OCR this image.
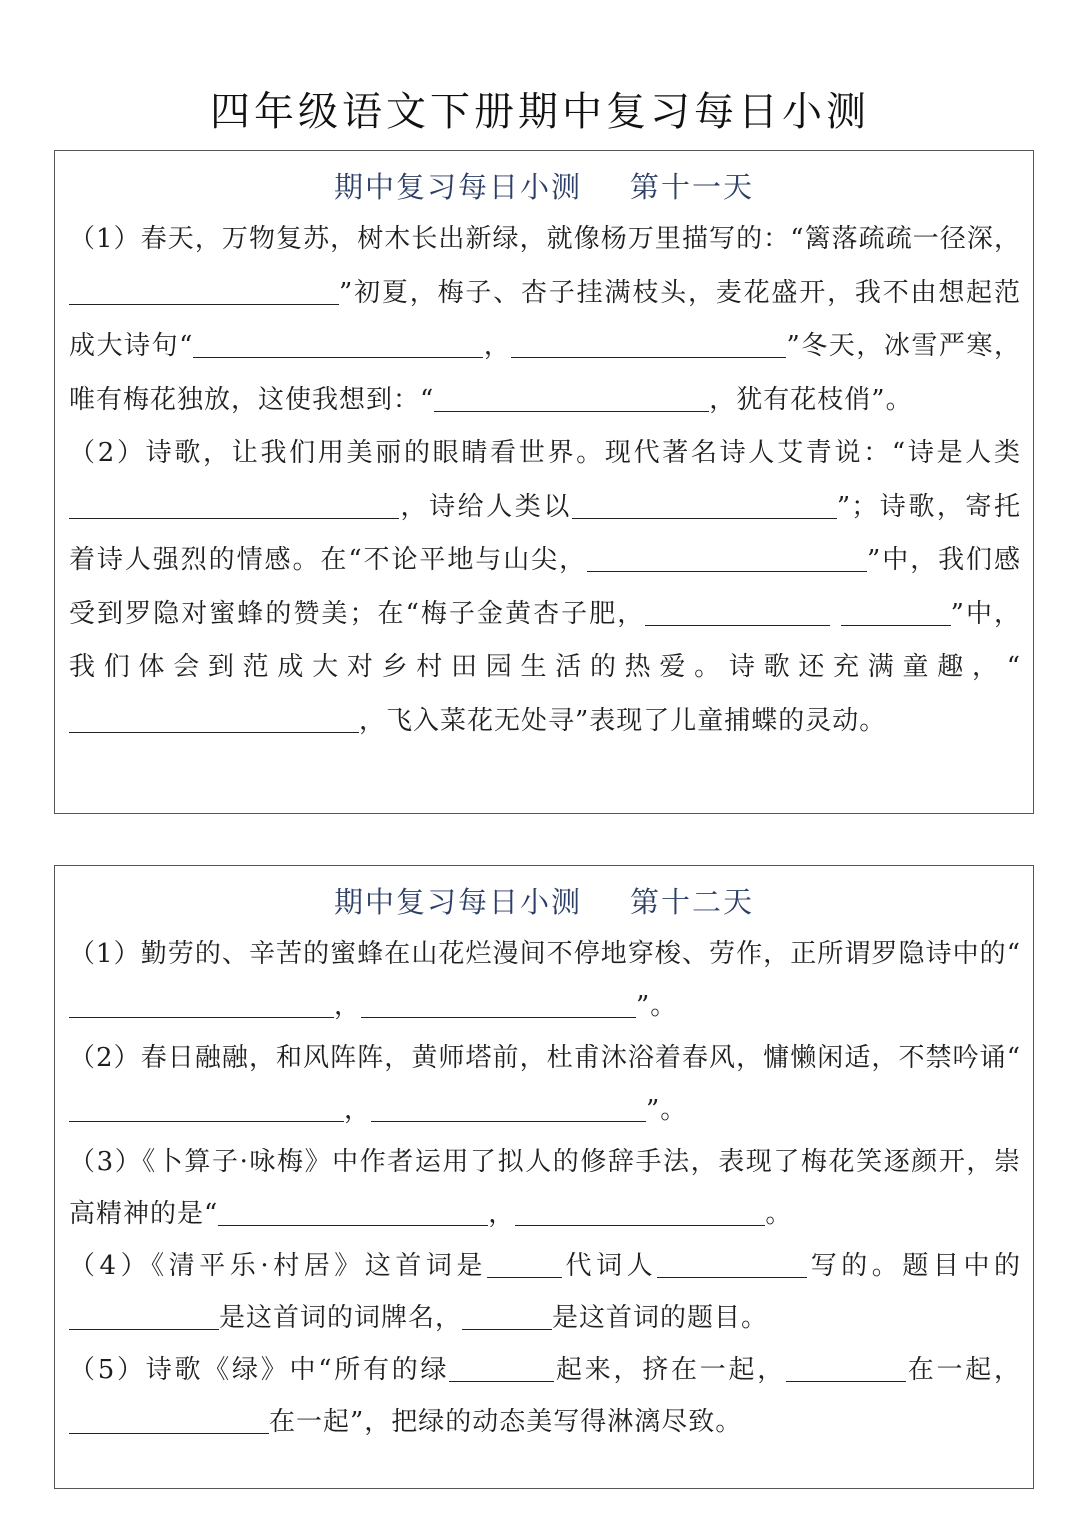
四年级语文下册期中复习每日小测
期中复习每日小测 第十一天
（1）春天，万物复苏，树木长出新绿，就像杨万里描写的：“篱落疏疏一径深， ”初夏，梅子、杏子挂满枝头，麦花盛开，我不由想起范成大诗句“	，	”冬天，冰雪严寒，唯有梅花独放，这使我想到：“	，犹有花枝俏”。
（2）诗歌，让我们用美丽的眼睛看世界。现代著名诗人艾青说：“诗是人类，诗给人类以	”；诗歌，寄托着诗人强烈的情感。在“不论平地与山尖，	”中，我们感受到罗隐对蜜蜂的赞美；在“梅子金黄杏子肥，	”中，我们体会到范成大对乡村田园生活的热爱。诗歌还充满童趣，“，飞入菜花无处寻”表现了儿童捕蝶的灵动。
期中复习每日小测 第十二天
（1）勤劳的、辛苦的蜜蜂在山花烂漫间不停地穿梭、劳作，正所谓罗隐诗中的“，	”。
（2）春日融融，和风阵阵，黄师塔前，杜甫沐浴着春风，慵懒闲适，不禁吟诵“，	”。
（3）《卜算子·咏梅》中作者运用了拟人的修辞手法，表现了梅花笑逐颜开，崇高精神的是“	，	。
（4）《清平乐·村居》这首词是	代词人	写的。题目中的是这首词的词牌名，	是这首词的题目。
（5）诗歌《绿》中“所有的绿	起来，挤在一起，	在一起，在一起”，把绿的动态美写得淋漓尽致。
